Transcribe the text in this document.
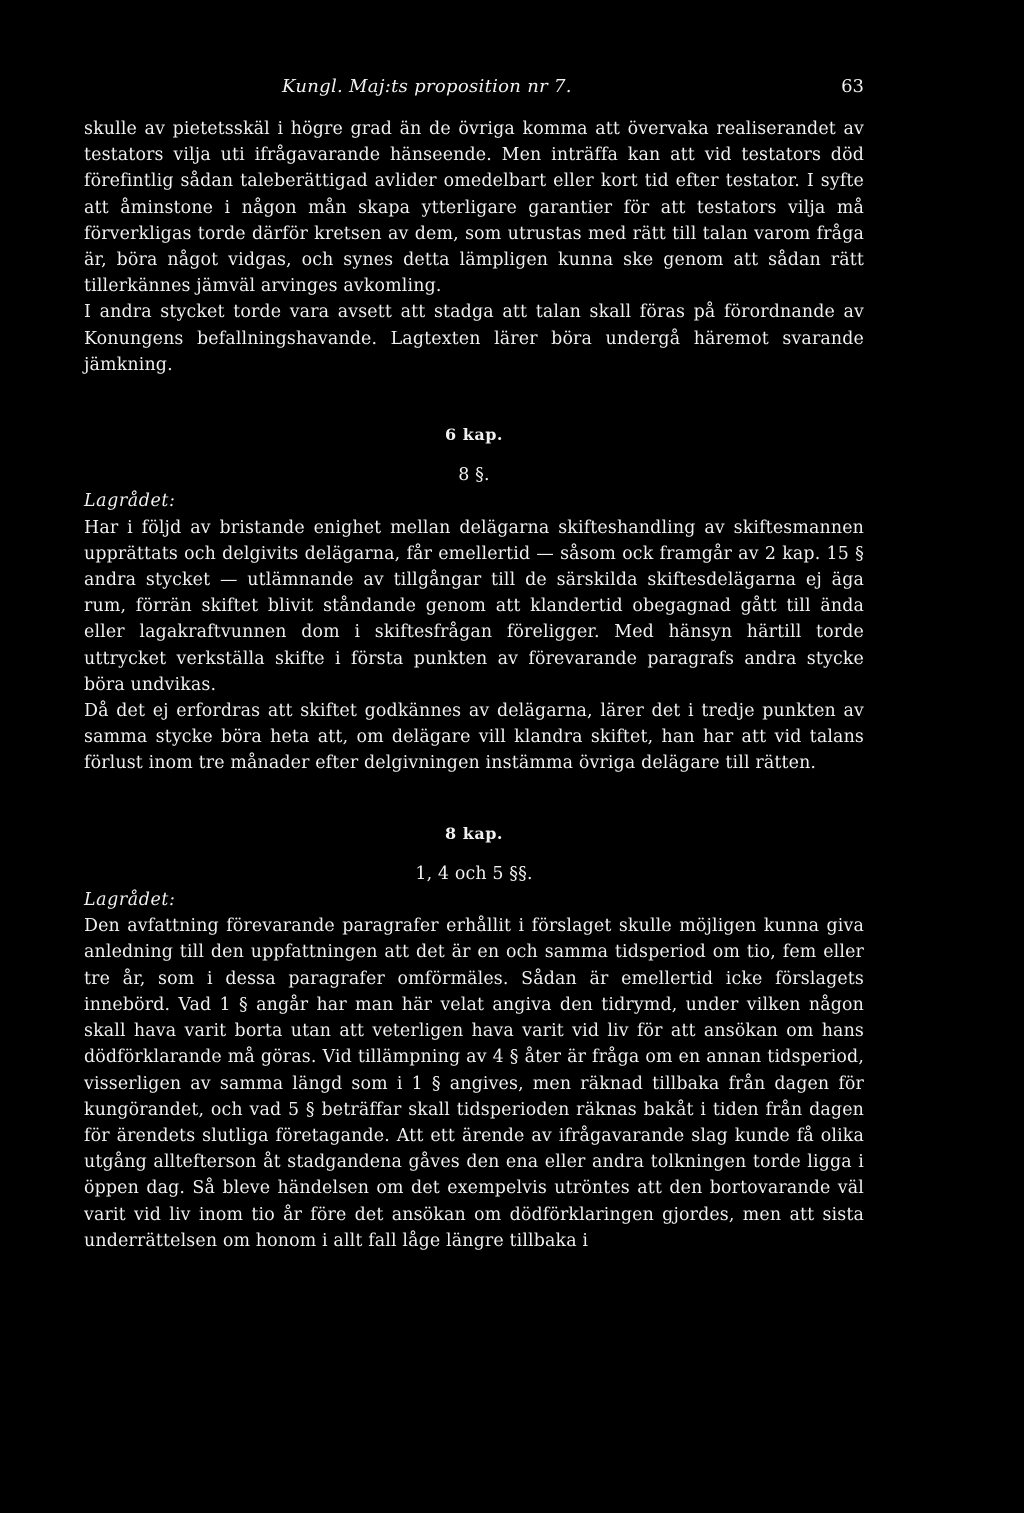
Kungl. Maj:ts proposition nr 7.	63

skulle av pietetsskäl i högre grad än de övriga komma att övervaka realiserandet av testators vilja uti ifrågavarande hänseende. Men inträffa kan att vid testators död förefintlig sådan taleberättigad avlider omedelbart eller kort tid efter testator. I syfte att åminstone i någon mån skapa ytterligare garantier för att testators vilja må förverkligas torde därför kretsen av dem, som utrustas med rätt till talan varom fråga är, böra något vidgas, och synes detta lämpligen kunna ske genom att sådan rätt tillerkännes jämväl arvinges avkomling.

I andra stycket torde vara avsett att stadga att talan skall föras på förordnande av Konungens befallningshavande. Lagtexten lärer böra undergå häremot svarande jämkning.

6 kap.

8 §.

Lagrådet:

Har i följd av bristande enighet mellan delägarna skifteshandling av skiftesmannen upprättats och delgivits delägarna, får emellertid — såsom ock framgår av 2 kap. 15 § andra stycket — utlämnande av tillgångar till de särskilda skiftesdelägarna ej äga rum, förrän skiftet blivit ståndande genom att klandertid obegagnad gått till ända eller lagakraftvunnen dom i skiftesfrågan föreligger. Med hänsyn härtill torde uttrycket verkställa skifte i första punkten av förevarande paragrafs andra stycke böra undvikas.

Då det ej erfordras att skiftet godkännes av delägarna, lärer det i tredje punkten av samma stycke böra heta att, om delägare vill klandra skiftet, han har att vid talans förlust inom tre månader efter delgivningen instämma övriga delägare till rätten.

8 kap.

1, 4 och 5 §§.

Lagrådet:

Den avfattning förevarande paragrafer erhållit i förslaget skulle möjligen kunna giva anledning till den uppfattningen att det är en och samma tidsperiod om tio, fem eller tre år, som i dessa paragrafer omförmäles. Sådan är emellertid icke förslagets innebörd. Vad 1 § angår har man här velat angiva den tidrymd, under vilken någon skall hava varit borta utan att veterligen hava varit vid liv för att ansökan om hans dödförklarande må göras. Vid tillämpning av 4 § åter är fråga om en annan tidsperiod, visserligen av samma längd som i 1 § angives, men räknad tillbaka från dagen för kungörandet, och vad 5 § beträffar skall tidsperioden räknas bakåt i tiden från dagen för ärendets slutliga företagande. Att ett ärende av ifrågavarande slag kunde få olika utgång alltefterson åt stadgandena gåves den ena eller andra tolkningen torde ligga i öppen dag. Så bleve händelsen om det exempelvis utröntes att den bortovarande väl varit vid liv inom tio år före det ansökan om dödförklaringen gjordes, men att sista underrättelsen om honom i allt fall låge längre tillbaka i
